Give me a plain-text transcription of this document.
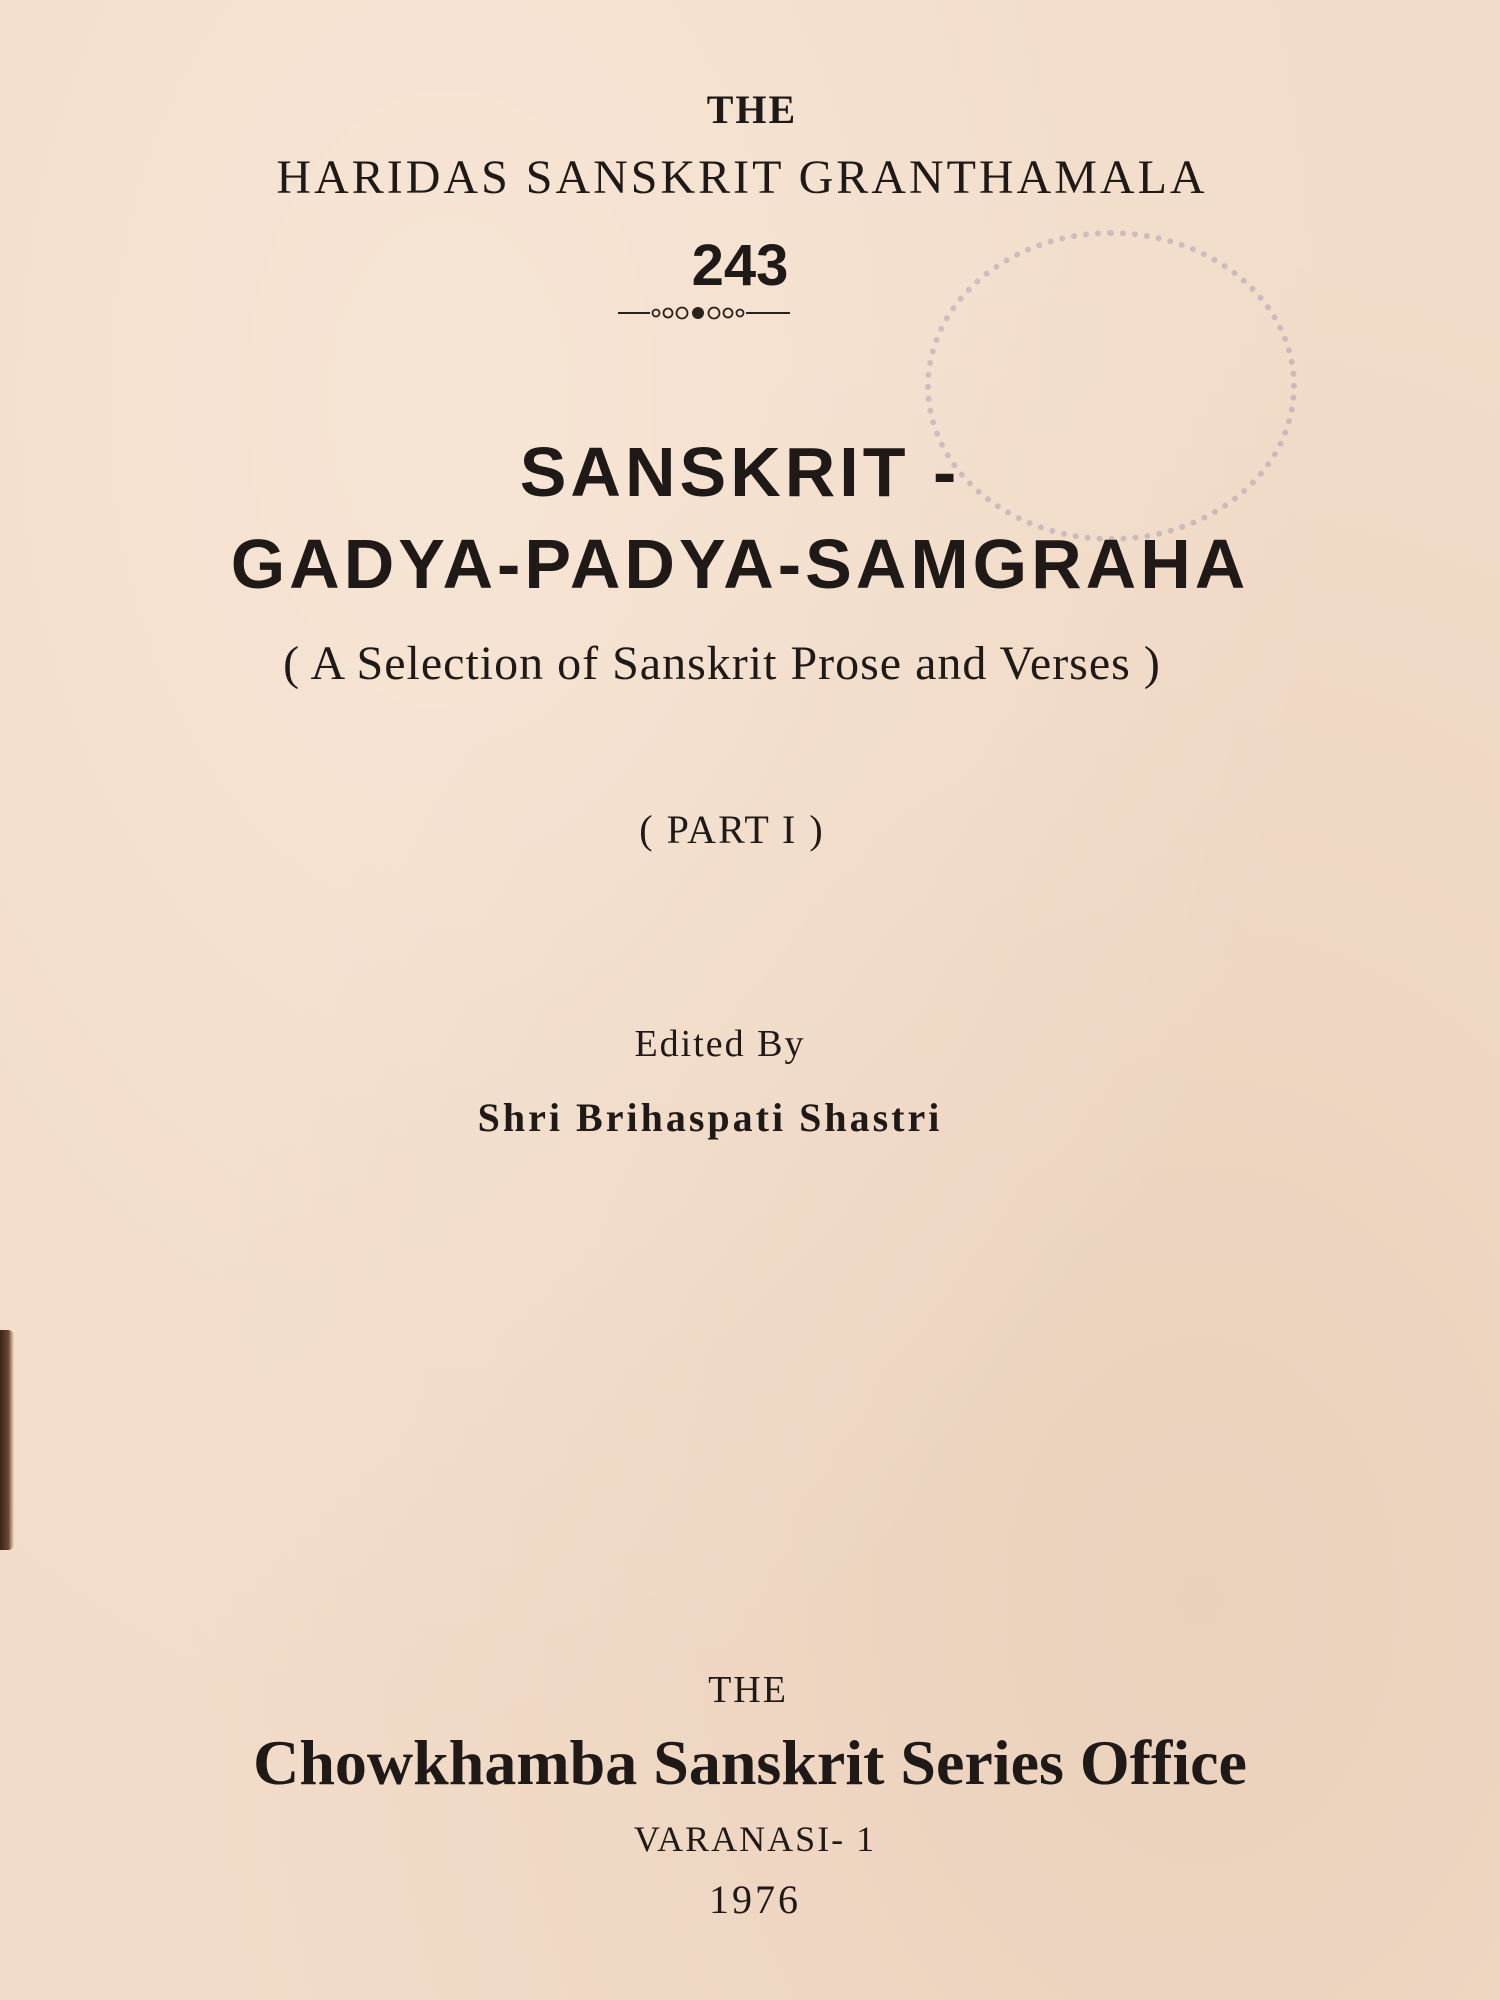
THE
HARIDAS SANSKRIT GRANTHAMALA
243
SANSKRIT -
GADYA-PADYA-SAMGRAHA
( A Selection of Sanskrit Prose and Verses )
( PART I )
Edited By
Shri Brihaspati Shastri
THE
Chowkhamba Sanskrit Series Office
VARANASI- 1
1976
